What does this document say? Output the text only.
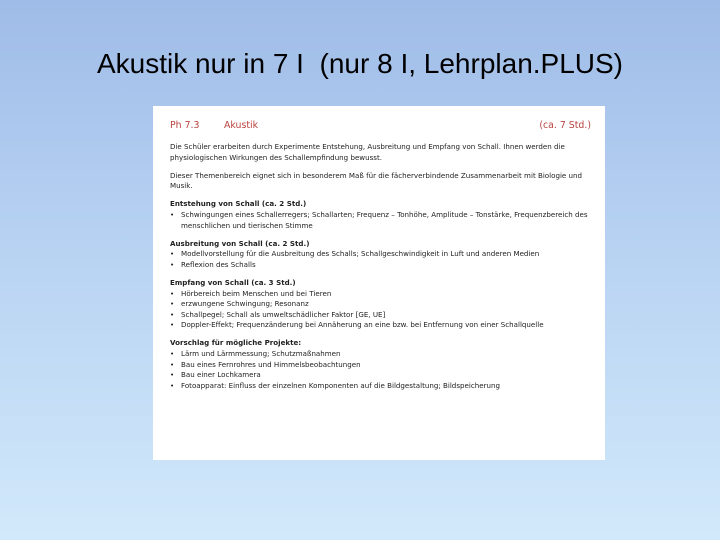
Akustik nur in 7 I  (nur 8 I, Lehrplan.PLUS)
Ph 7.3	Akustik	(ca. 7 Std.)

Die Schüler erarbeiten durch Experimente Entstehung, Ausbreitung und Empfang von Schall. Ihnen werden die physiologischen Wirkungen des Schallempfindung bewusst.

Dieser Themenbereich eignet sich in besonderem Maß für die fächerverbindende Zusammenarbeit mit Biologie und Musik.

Entstehung von Schall (ca. 2 Std.)
• Schwingungen eines Schallerregers; Schallarten; Frequenz – Tonhöhe, Amplitude – Tonstärke, Frequenzbereich des menschlichen und tierischen Stimme
Ausbreitung von Schall (ca. 2 Std.)
• Modellvorstellung für die Ausbreitung des Schalls; Schallgeschwindigkeit in Luft und anderen Medien
• Reflexion des Schalls
Empfang von Schall (ca. 3 Std.)
• Hörbereich beim Menschen und bei Tieren
• erzwungene Schwingung; Resonanz
• Schallpegel; Schall als umweltschädlicher Faktor [GE, UE]
• Doppler-Effekt; Frequenzänderung bei Annäherung an eine bzw. bei Entfernung von einer Schallquelle
Vorschlag für mögliche Projekte:
• Lärm und Lärmmessung; Schutzmaßnahmen
• Bau eines Fernrohres und Himmelsbeobachtungen
• Bau einer Lochkamera
• Fotoapparat: Einfluss der einzelnen Komponenten auf die Bildgestaltung; Bildspeicherung
